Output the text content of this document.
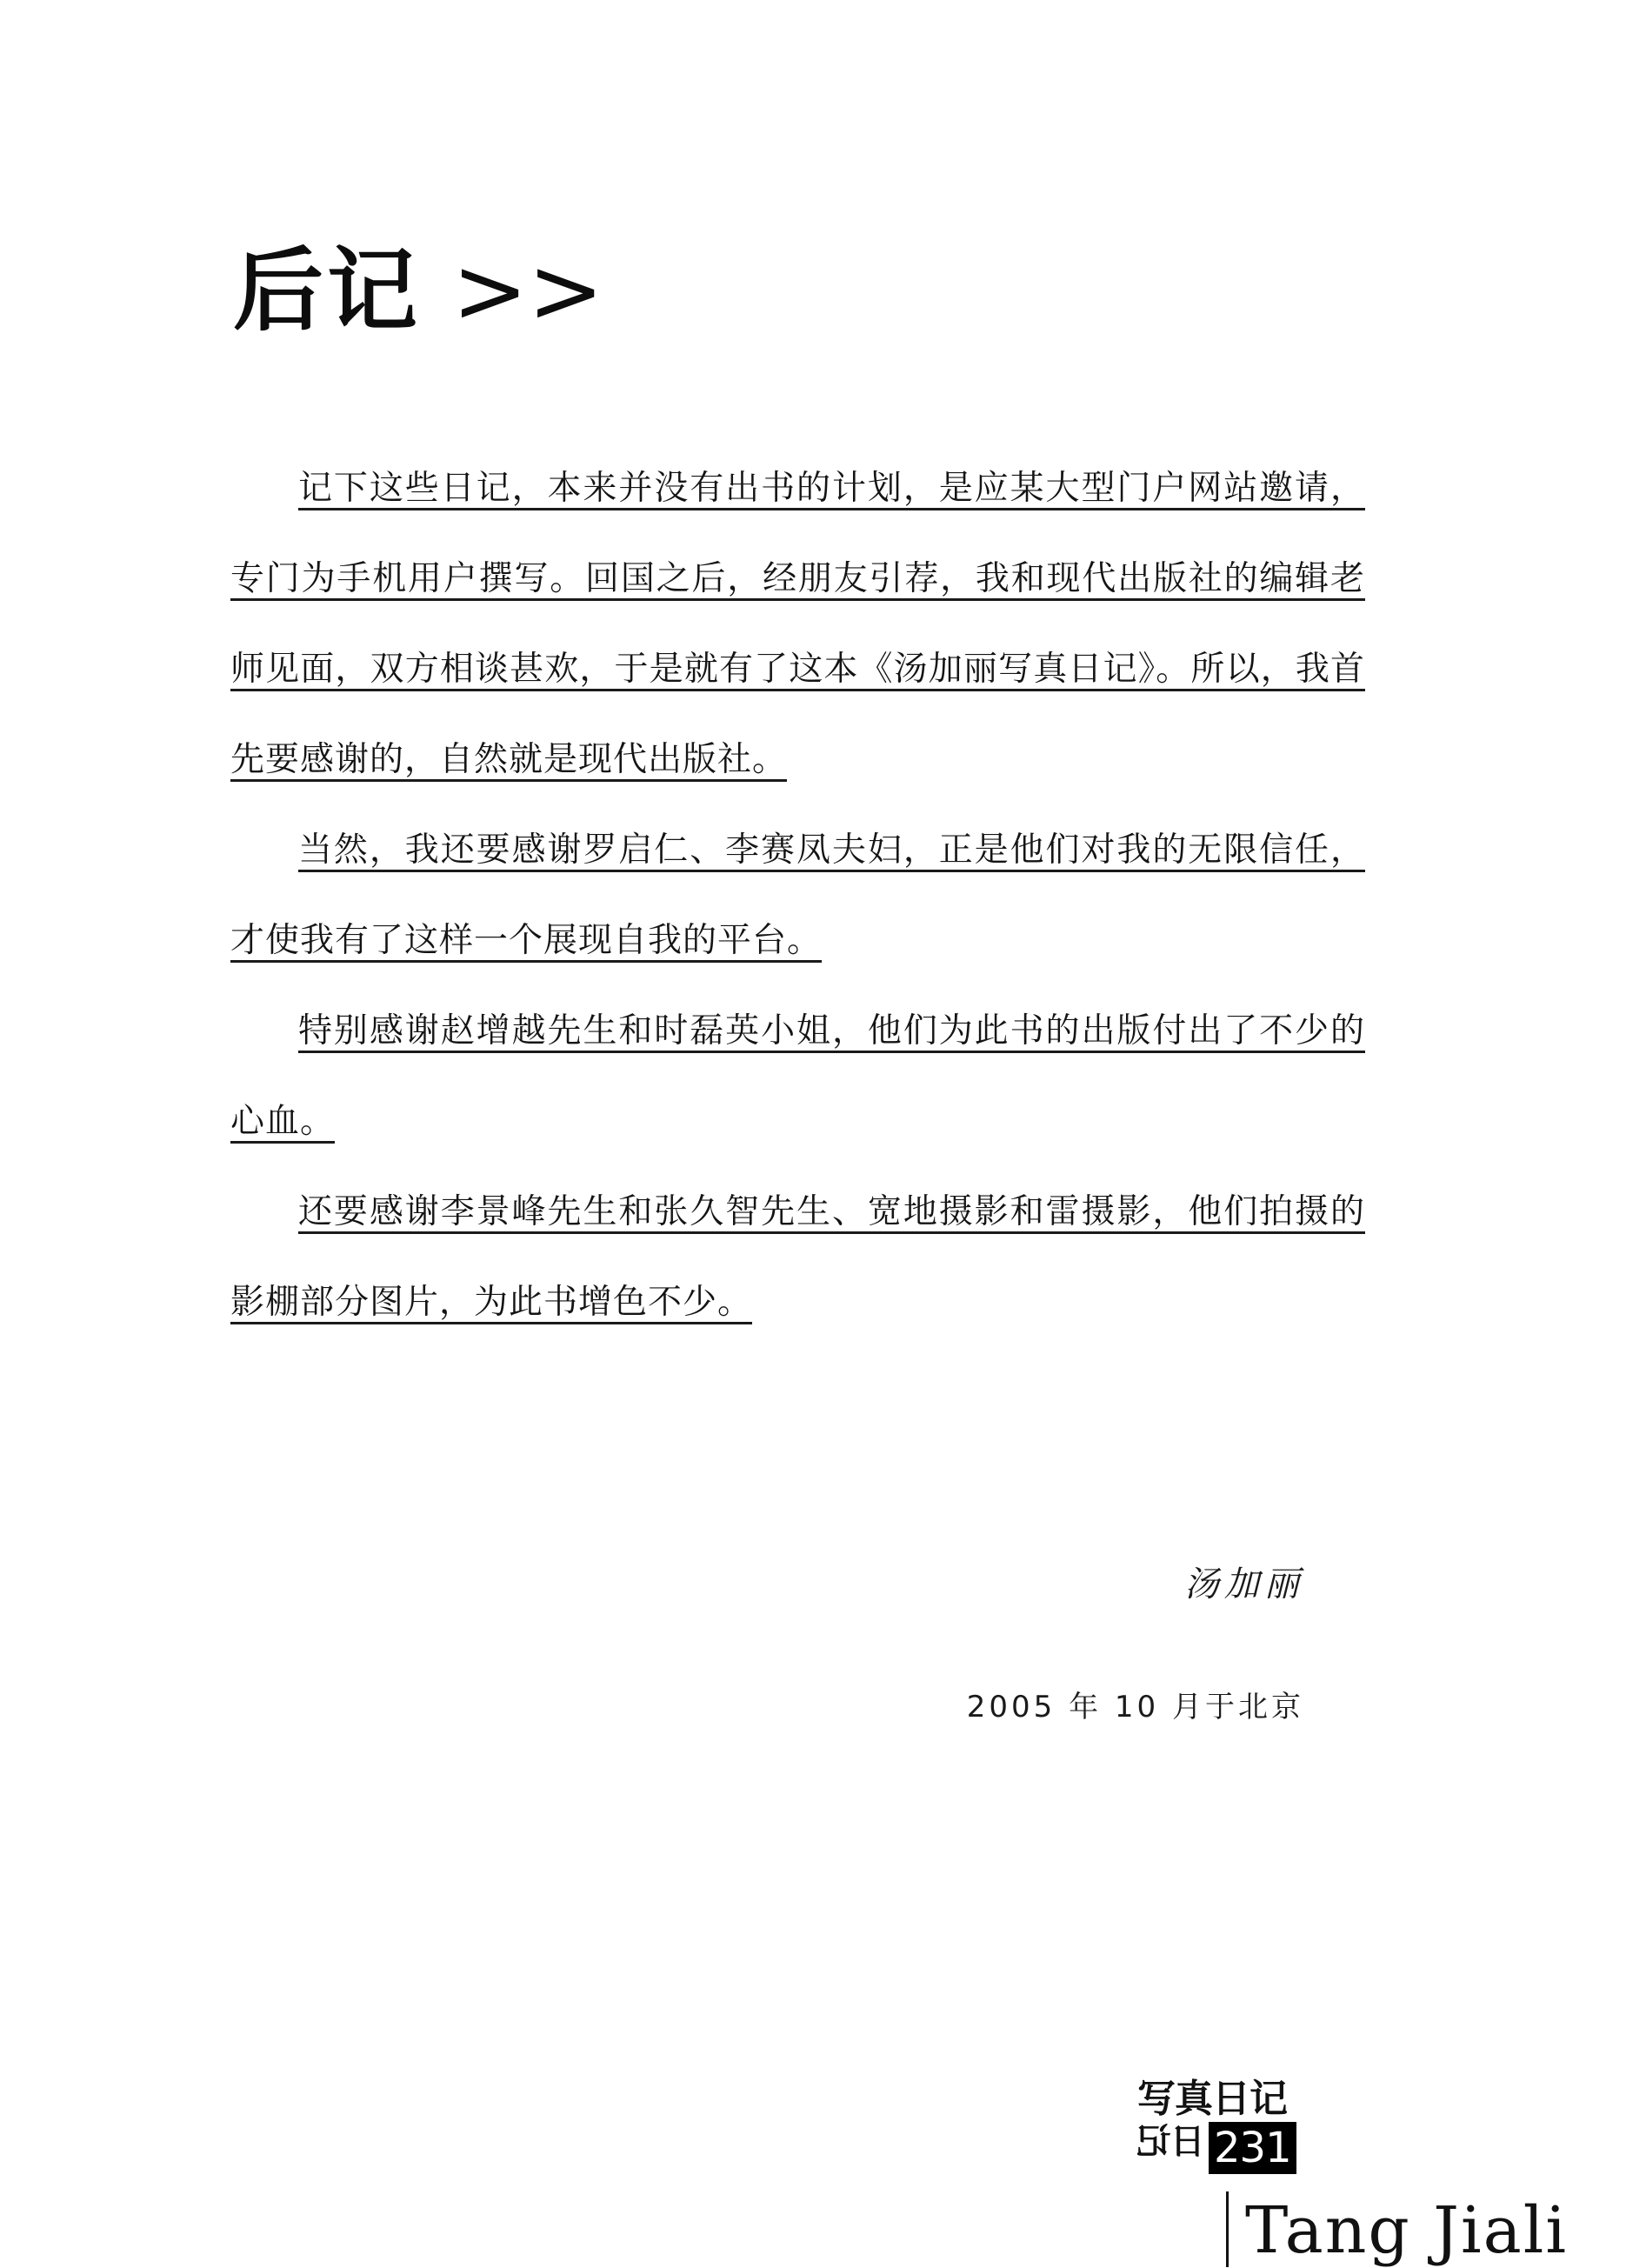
后记 >>

记下这些日记，本来并没有出书的计划，是应某大型门户网站邀请，专门为手机用户撰写。回国之后，经朋友引荐，我和现代出版社的编辑老师见面，双方相谈甚欢，于是就有了这本《汤加丽写真日记》。所以，我首先要感谢的，自然就是现代出版社。

当然，我还要感谢罗启仁、李赛凤夫妇，正是他们对我的无限信任，才使我有了这样一个展现自我的平台。

特别感谢赵增越先生和时磊英小姐，他们为此书的出版付出了不少的心血。

还要感谢李景峰先生和张久智先生、宽地摄影和雷摄影，他们拍摄的影棚部分图片，为此书增色不少。

汤加丽
2005 年 10 月于北京
写真日记
日记 231
Tang Jiali
